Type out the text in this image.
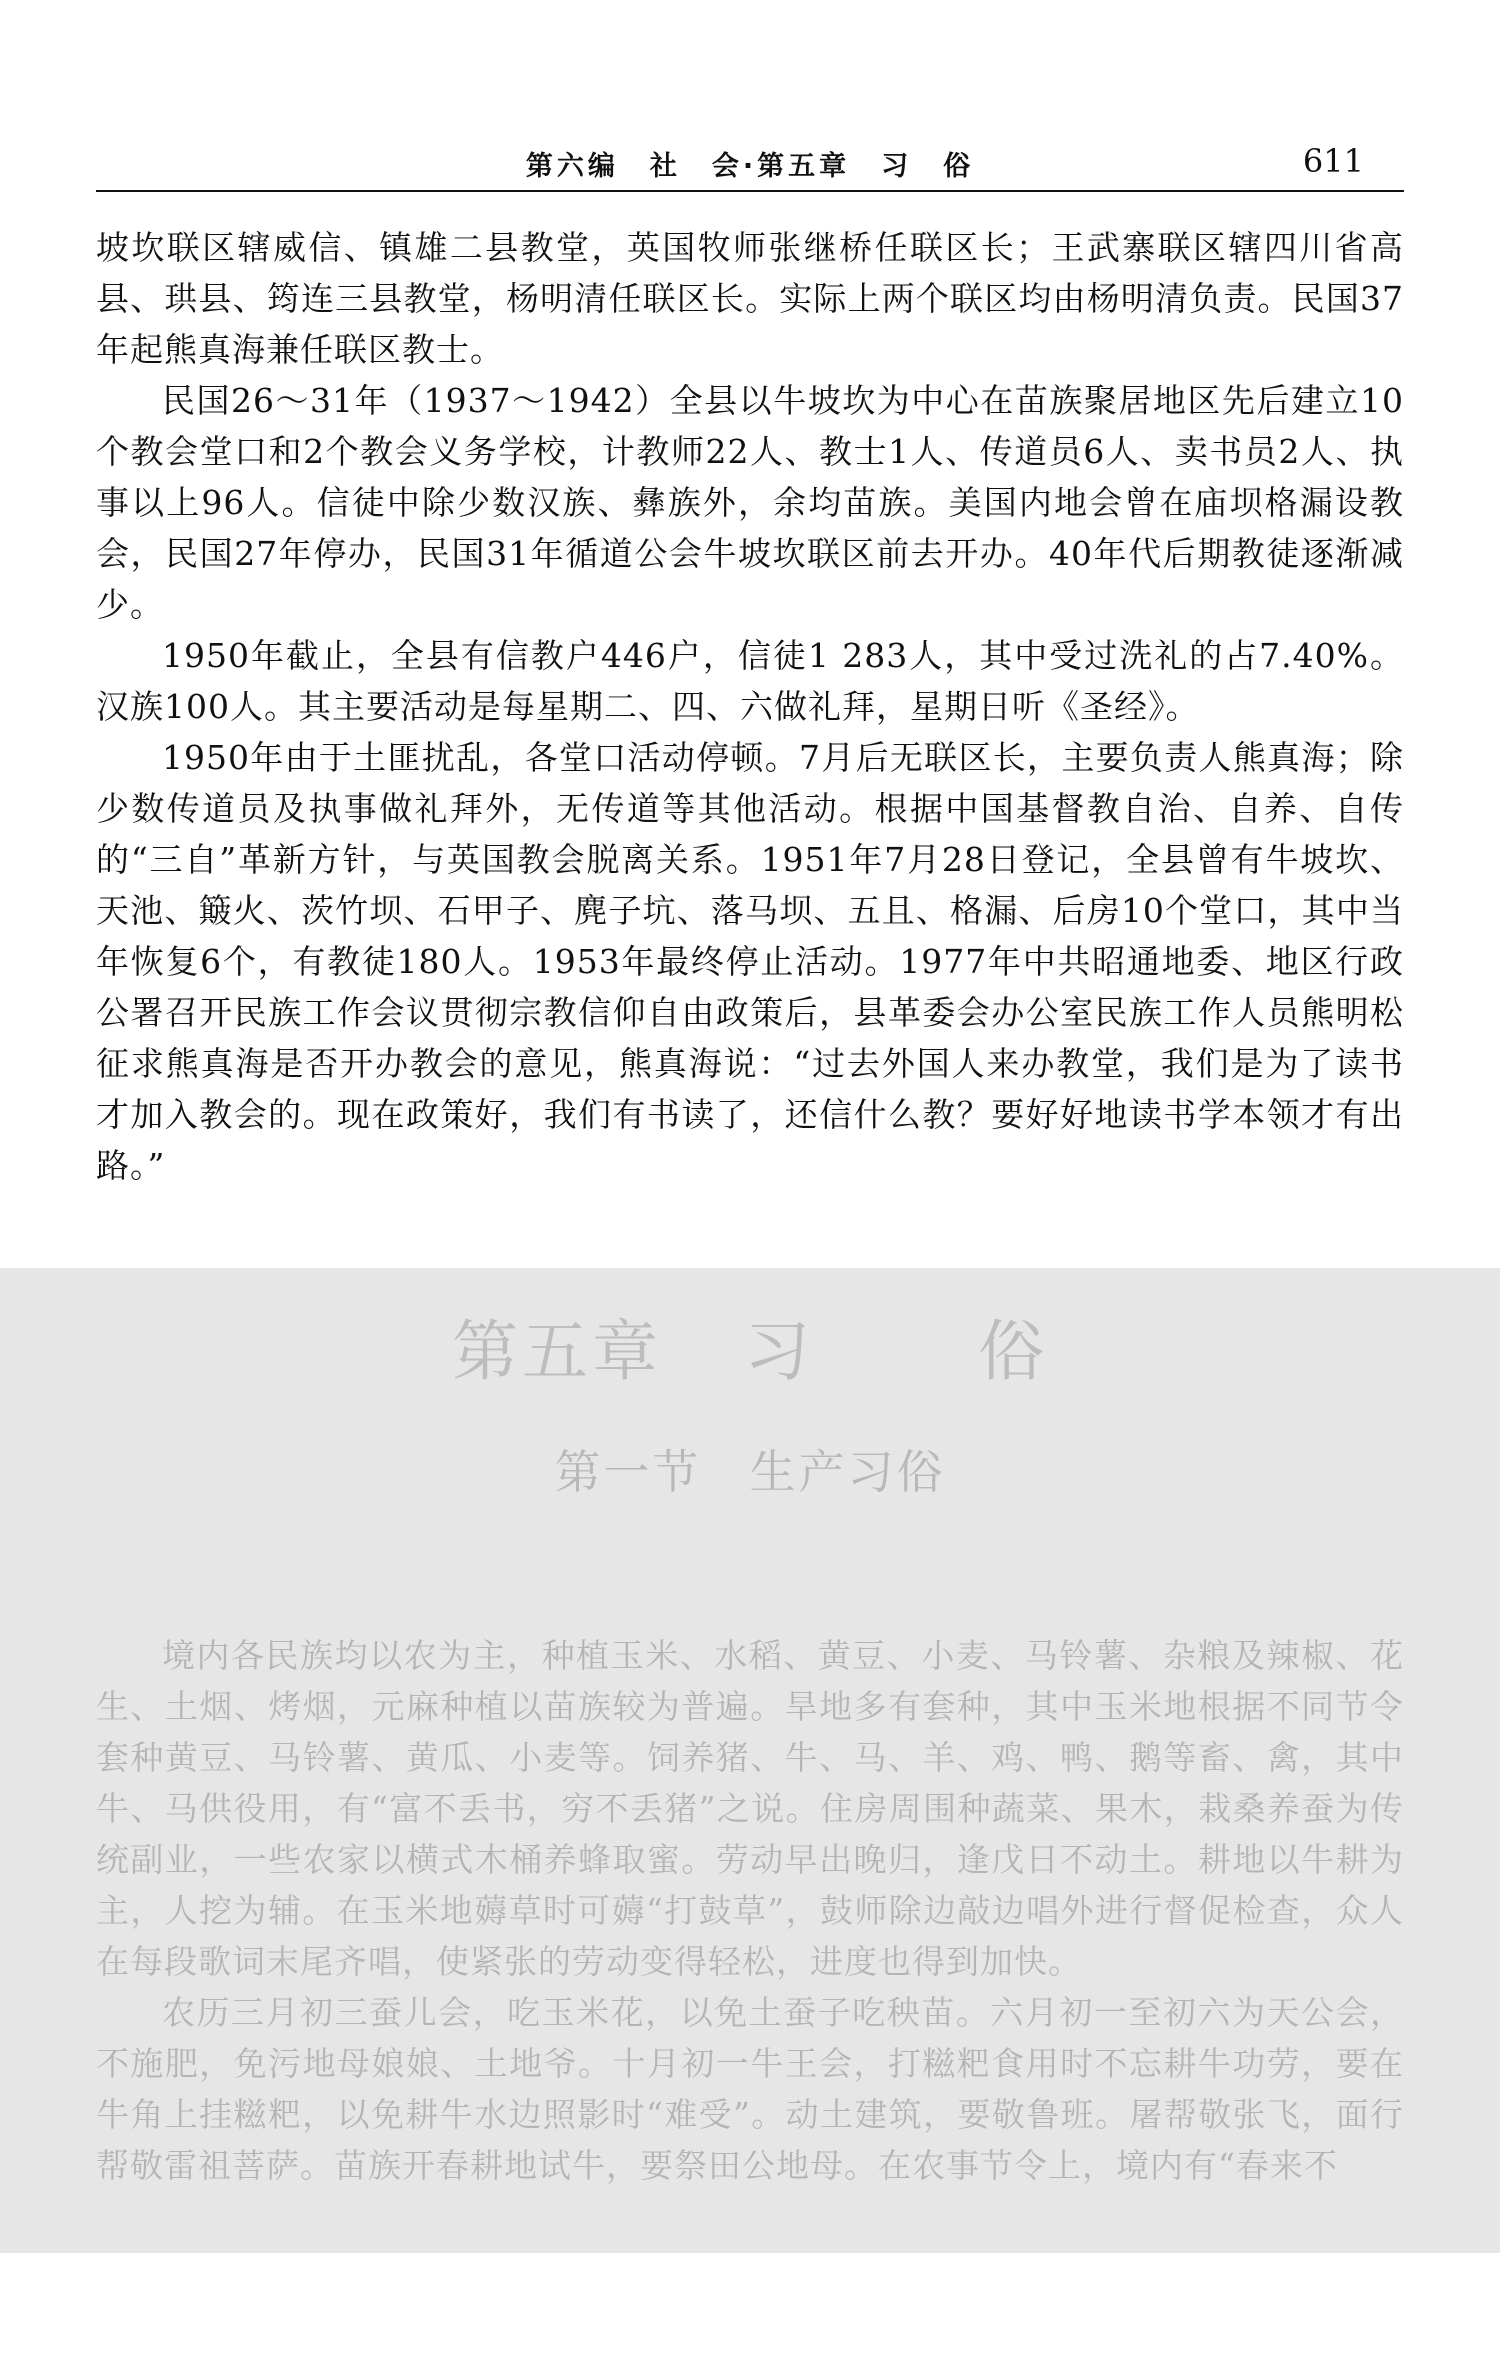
第六编　社　会·第五章　习　俗	611

坡坎联区辖威信、镇雄二县教堂，英国牧师张继桥任联区长；王武寨联区辖四川省高县、珙县、筠连三县教堂，杨明清任联区长。实际上两个联区均由杨明清负责。民国37年起熊真海兼任联区教士。

民国26～31年（1937～1942）全县以牛坡坎为中心在苗族聚居地区先后建立10个教会堂口和2个教会义务学校，计教师22人、教士1人、传道员6人、卖书员2人、执事以上96人。信徒中除少数汉族、彝族外，余均苗族。美国内地会曾在庙坝格漏设教会，民国27年停办，民国31年循道公会牛坡坎联区前去开办。40年代后期教徒逐渐减少。

1950年截止，全县有信教户446户，信徒1 283人，其中受过洗礼的占7.40%。汉族100人。其主要活动是每星期二、四、六做礼拜，星期日听《圣经》。

1950年由于土匪扰乱，各堂口活动停顿。7月后无联区长，主要负责人熊真海；除少数传道员及执事做礼拜外，无传道等其他活动。根据中国基督教自治、自养、自传的“三自”革新方针，与英国教会脱离关系。1951年7月28日登记，全县曾有牛坡坎、天池、簸火、茨竹坝、石甲子、麂子坑、落马坝、五且、格漏、后房10个堂口，其中当年恢复6个，有教徒180人。1953年最终停止活动。1977年中共昭通地委、地区行政公署召开民族工作会议贯彻宗教信仰自由政策后，县革委会办公室民族工作人员熊明松征求熊真海是否开办教会的意见，熊真海说：“过去外国人来办教堂，我们是为了读书才加入教会的。现在政策好，我们有书读了，还信什么教？要好好地读书学本领才有出路。”

第五章 习 俗
第一节 生产习俗

境内各民族均以农为主，种植玉米、水稻、黄豆、小麦、马铃薯、杂粮及辣椒、花生、土烟、烤烟，元麻种植以苗族较为普遍。旱地多有套种，其中玉米地根据不同节令套种黄豆、马铃薯、黄瓜、小麦等。饲养猪、牛、马、羊、鸡、鸭、鹅等畜、禽，其中牛、马供役用，有“富不丢书，穷不丢猪”之说。住房周围种蔬菜、果木，栽桑养蚕为传统副业，一些农家以横式木桶养蜂取蜜。劳动早出晚归，逢戊日不动土。耕地以牛耕为主，人挖为辅。在玉米地薅草时可薅“打鼓草”，鼓师除边敲边唱外进行督促检查，众人在每段歌词末尾齐唱，使紧张的劳动变得轻松，进度也得到加快。

农历三月初三蚕儿会，吃玉米花，以免土蚕子吃秧苗。六月初一至初六为天公会，不施肥，免污地母娘娘、土地爷。十月初一牛王会，打糍粑食用时不忘耕牛功劳，要在牛角上挂糍粑，以免耕牛水边照影时“难受”。动土建筑，要敬鲁班。屠帮敬张飞，面行帮敬雷祖菩萨。苗族开春耕地试牛，要祭田公地母。在农事节令上，境内有“春来不
